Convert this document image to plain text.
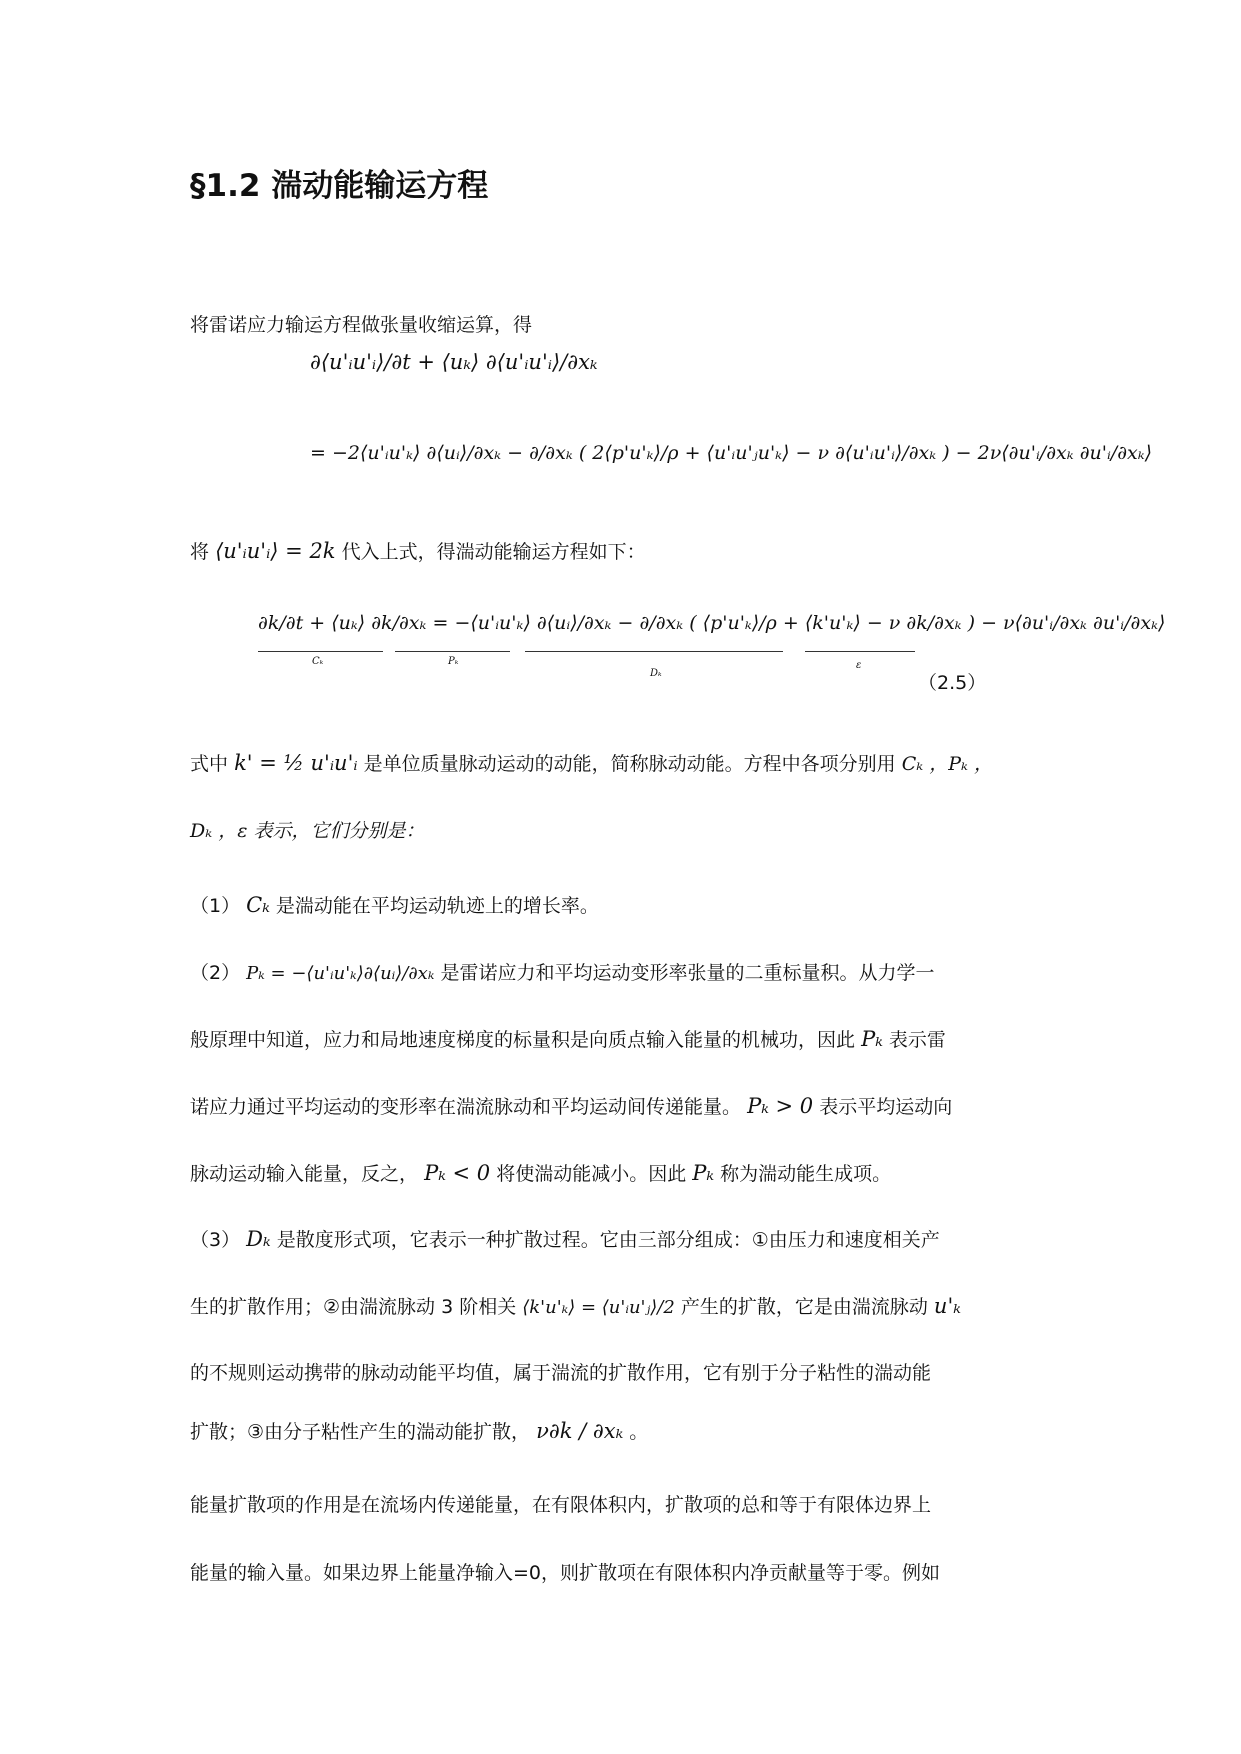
§1.2 湍动能输运方程
将雷诺应力输运方程做张量收缩运算，得
∂⟨u'ᵢu'ᵢ⟩/∂t + ⟨uₖ⟩ ∂⟨u'ᵢu'ᵢ⟩/∂xₖ
= −2⟨u'ᵢu'ₖ⟩ ∂⟨uᵢ⟩/∂xₖ − ∂/∂xₖ ( 2⟨p'u'ₖ⟩/ρ + ⟨u'ᵢu'ⱼu'ₖ⟩ − ν ∂⟨u'ᵢu'ᵢ⟩/∂xₖ ) − 2ν⟨∂u'ᵢ/∂xₖ ∂u'ᵢ/∂xₖ⟩
将 ⟨u'ᵢu'ᵢ⟩ = 2k 代入上式，得湍动能输运方程如下：
∂k/∂t + ⟨uₖ⟩ ∂k/∂xₖ = −⟨u'ᵢu'ₖ⟩ ∂⟨uᵢ⟩/∂xₖ − ∂/∂xₖ ( ⟨p'u'ₖ⟩/ρ + ⟨k'u'ₖ⟩ − ν ∂k/∂xₖ ) − ν⟨∂u'ᵢ/∂xₖ ∂u'ᵢ/∂xₖ⟩
Cₖ	Pₖ
Dₖ
ε
（2.5）
式中 k' = ½ u'ᵢu'ᵢ 是单位质量脉动运动的动能，简称脉动动能。方程中各项分别用 Cₖ ，Pₖ ，
Dₖ ，ε 表示，它们分别是：
（1） Cₖ 是湍动能在平均运动轨迹上的增长率。
（2） Pₖ = −⟨u'ᵢu'ₖ⟩∂⟨uᵢ⟩/∂xₖ 是雷诺应力和平均运动变形率张量的二重标量积。从力学一
般原理中知道，应力和局地速度梯度的标量积是向质点输入能量的机械功，因此 Pₖ 表示雷
诺应力通过平均运动的变形率在湍流脉动和平均运动间传递能量。 Pₖ > 0 表示平均运动向
脉动运动输入能量，反之， Pₖ < 0 将使湍动能减小。因此 Pₖ 称为湍动能生成项。
（3） Dₖ 是散度形式项，它表示一种扩散过程。它由三部分组成：①由压力和速度相关产
生的扩散作用；②由湍流脉动 3 阶相关 ⟨k'u'ₖ⟩ = ⟨u'ᵢu'ⱼ⟩/2 产生的扩散，它是由湍流脉动 u'ₖ
的不规则运动携带的脉动动能平均值，属于湍流的扩散作用，它有别于分子粘性的湍动能
扩散；③由分子粘性产生的湍动能扩散， ν∂k / ∂xₖ 。
能量扩散项的作用是在流场内传递能量，在有限体积内，扩散项的总和等于有限体边界上
能量的输入量。如果边界上能量净输入=0，则扩散项在有限体积内净贡献量等于零。例如
